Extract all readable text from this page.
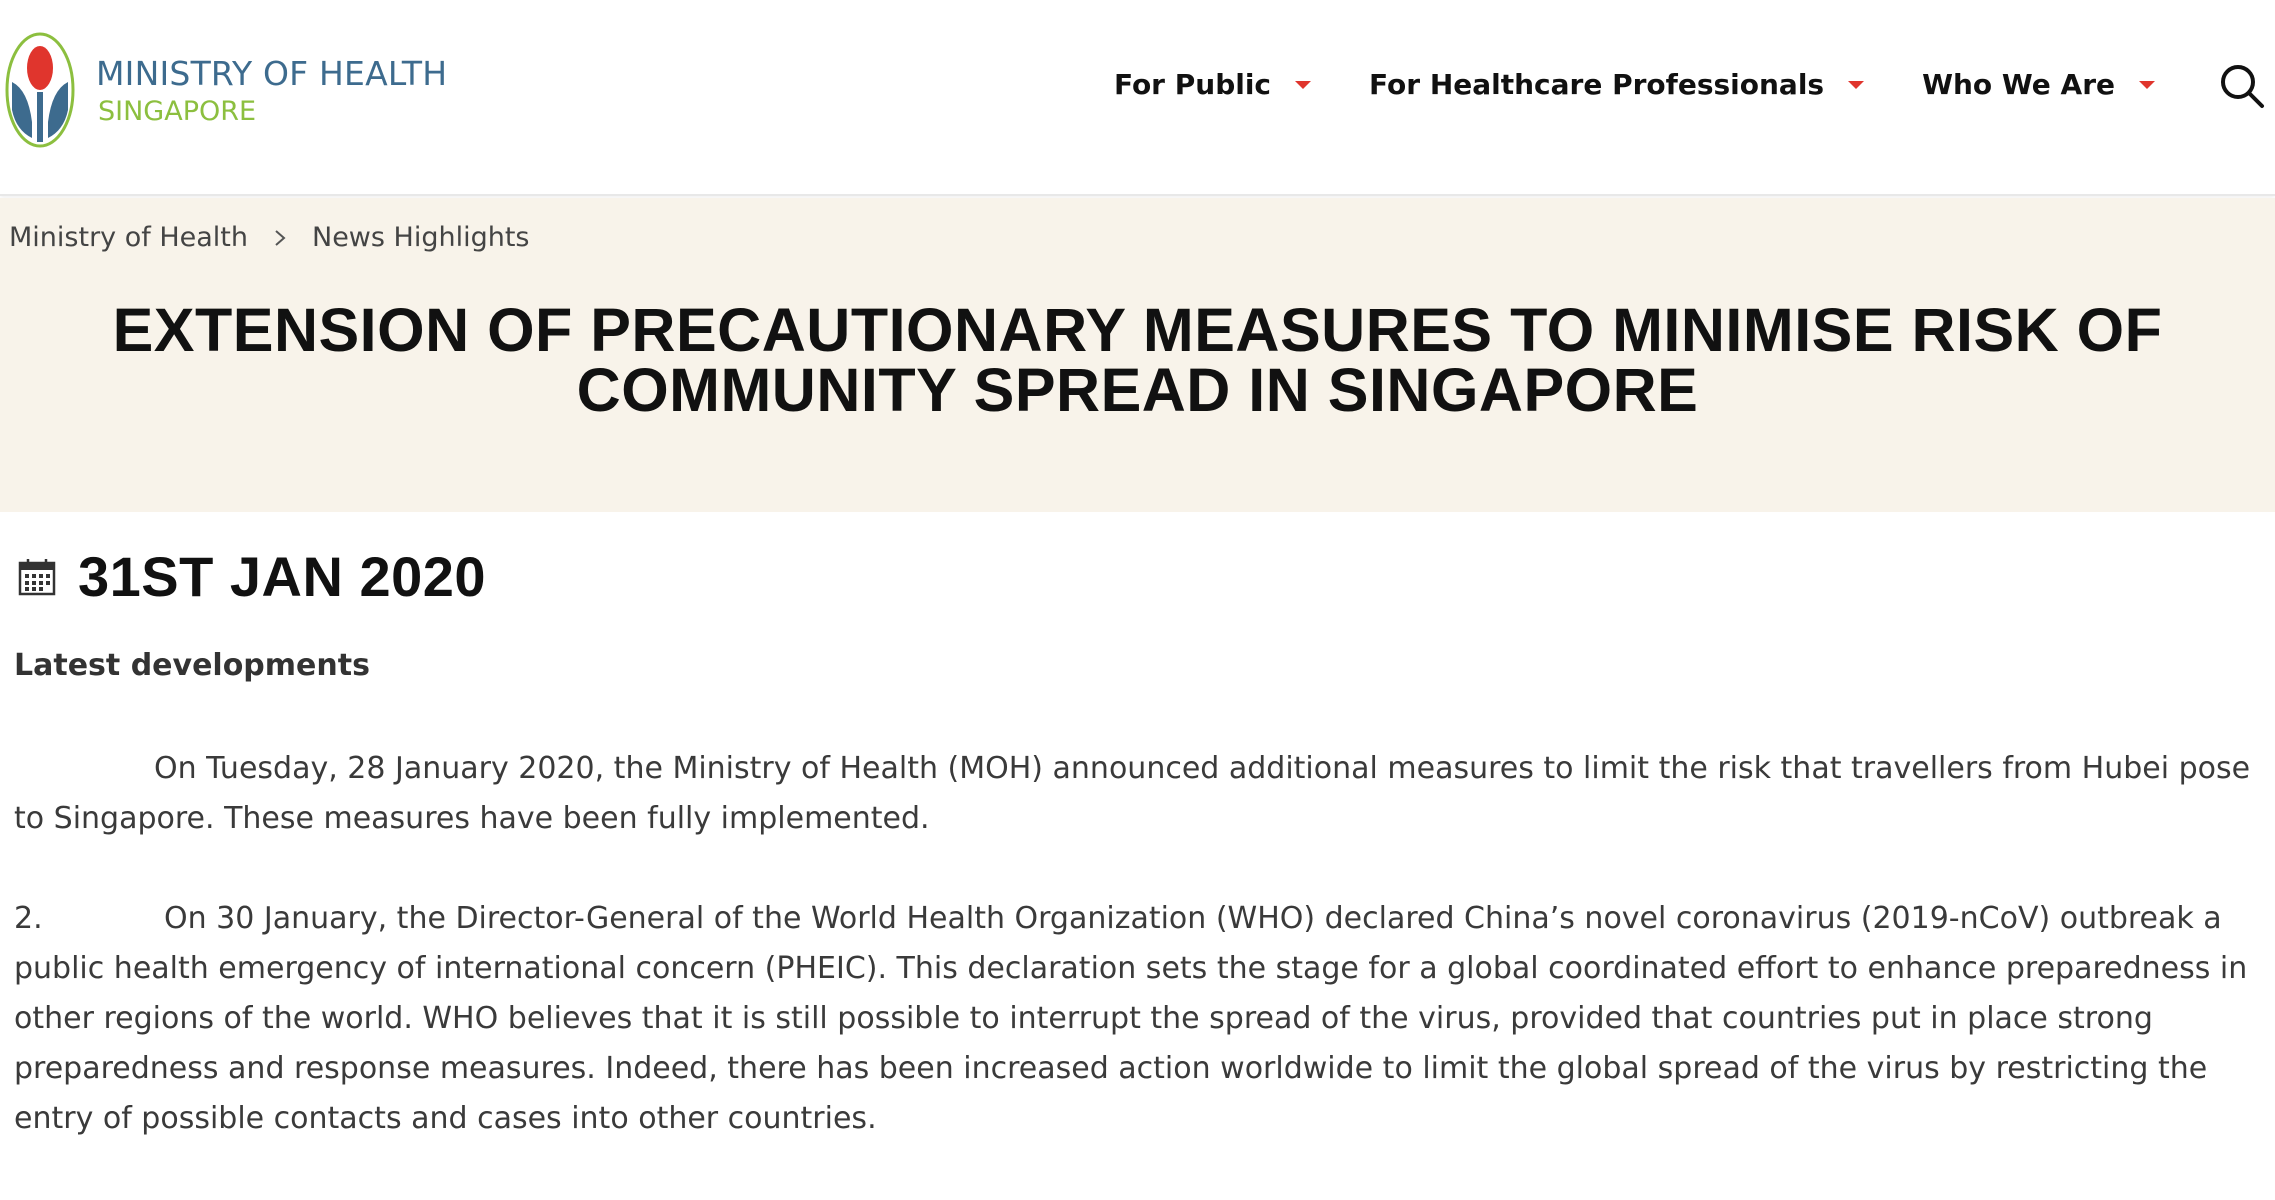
MINISTRY OF HEALTH
SINGAPORE
For Public	For Healthcare Professionals	Who We Are
Ministry of Health News Highlights
EXTENSION OF PRECAUTIONARY MEASURES TO MINIMISE RISK OF COMMUNITY SPREAD IN SINGAPORE
31ST JAN 2020
Latest developments

On Tuesday, 28 January 2020, the Ministry of Health (MOH) announced additional measures to limit the risk that travellers from Hubei pose to Singapore. These measures have been fully implemented.

2.	On 30 January, the Director-General of the World Health Organization (WHO) declared China’s novel coronavirus (2019-nCoV) outbreak a public health emergency of international concern (PHEIC). This declaration sets the stage for a global coordinated effort to enhance preparedness in other regions of the world. WHO believes that it is still possible to interrupt the spread of the virus, provided that countries put in place strong preparedness and response measures. Indeed, there has been increased action worldwide to limit the global spread of the virus by restricting the entry of possible contacts and cases into other countries.
